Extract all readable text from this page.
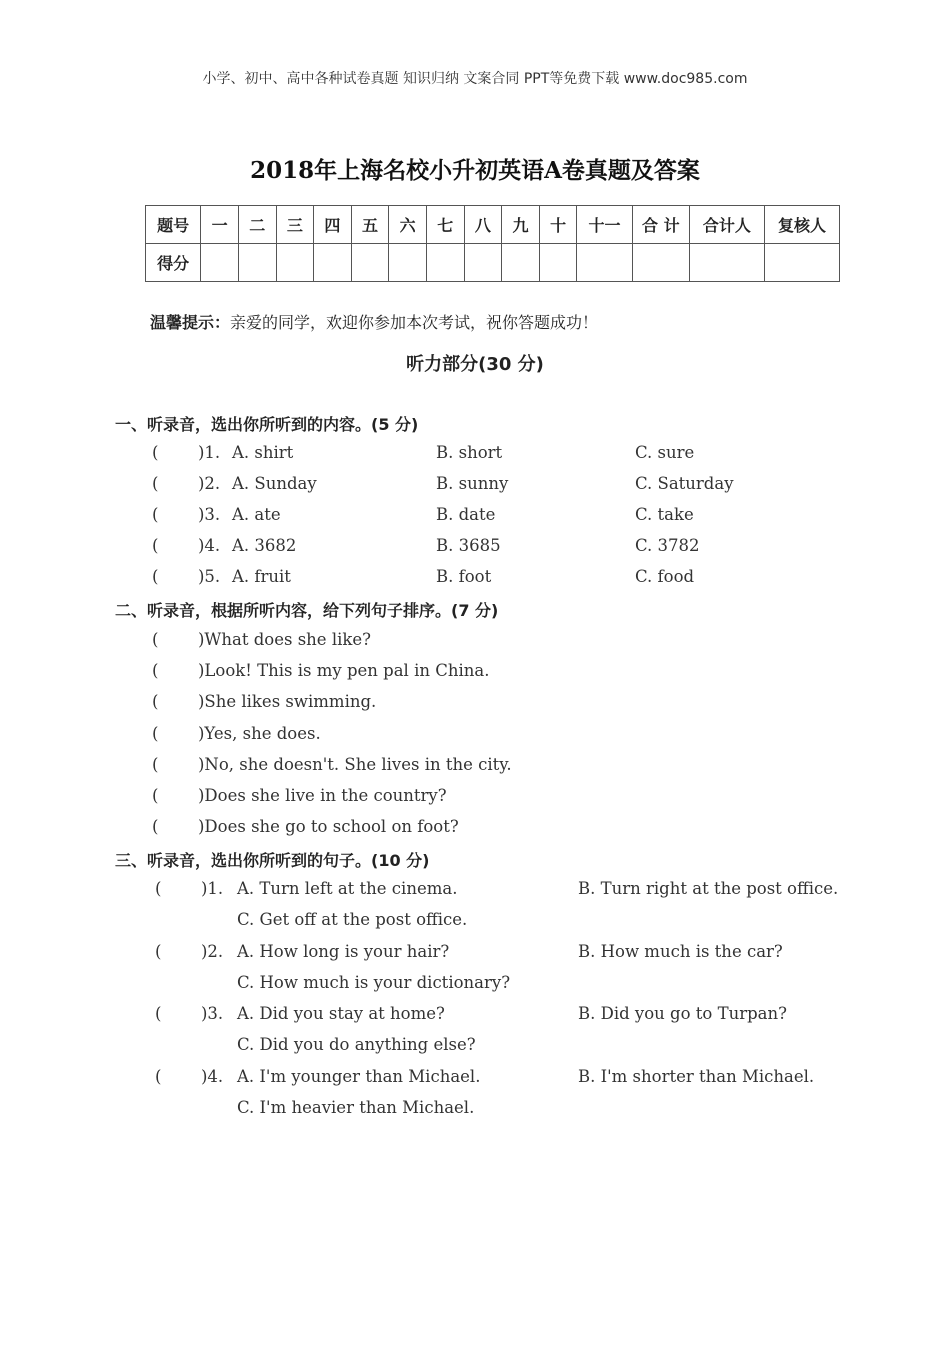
小学、初中、高中各种试卷真题 知识归纳 文案合同 PPT等免费下载 www.doc985.com
2018年上海名校小升初英语A卷真题及答案
题号	一	二	三	四	五	六	七	八	九	十	十一	合 计	合计人	复核人
得分														
温馨提示：亲爱的同学，欢迎你参加本次考试，祝你答题成功！
听力部分(30 分)
一、听录音，选出你所听到的内容。(5 分)
( )1. A. shirt	B. short	C. sure
( )2. A. Sunday	B. sunny	C. Saturday
( )3. A. ate	B. date	C. take
( )4. A. 3682	B. 3685	C. 3782
( )5. A. fruit	B. foot	C. food
二、听录音，根据所听内容，给下列句子排序。(7 分)
( )What does she like?
( )Look! This is my pen pal in China.
( )She likes swimming.
( )Yes, she does.
( )No, she doesn't. She lives in the city.
( )Does she live in the country?
( )Does she go to school on foot?
三、听录音，选出你所听到的句子。(10 分)
( )1. A. Turn left at the cinema.	B. Turn right at the post office.
C. Get off at the post office.
( )2. A. How long is your hair?	B. How much is the car?
C. How much is your dictionary?
( )3. A. Did you stay at home?	B. Did you go to Turpan?
C. Did you do anything else?
( )4. A. I'm younger than Michael.	B. I'm shorter than Michael.
C. I'm heavier than Michael.
